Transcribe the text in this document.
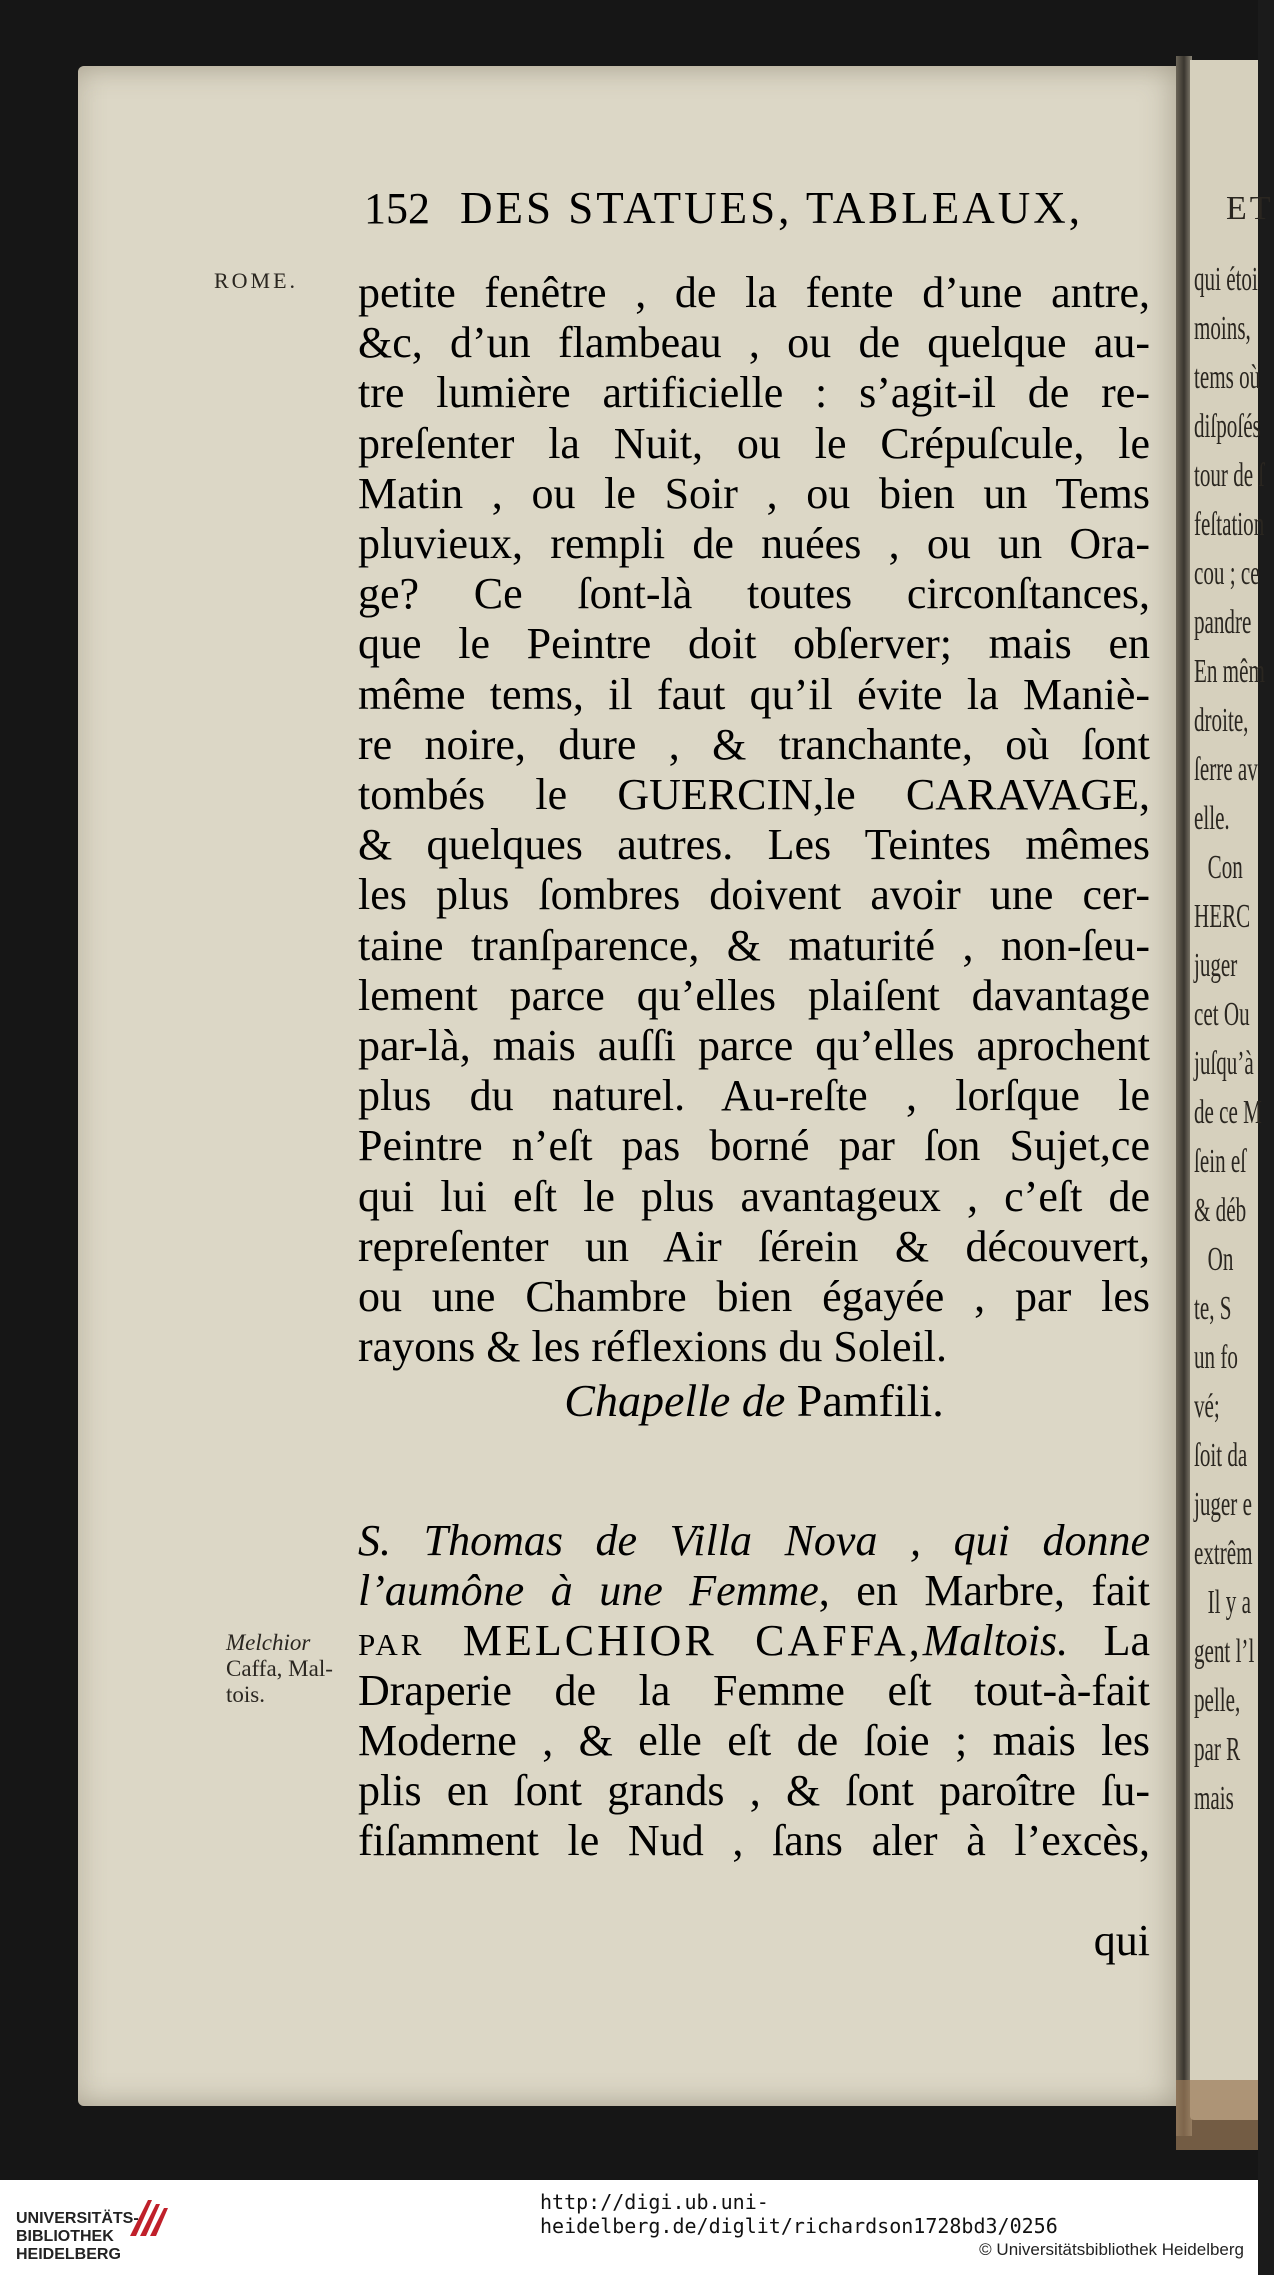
ET
qui étoi
moins,
tems où
diſpoſés
tour de ſ
feſtation
cou ; ce
pandre
En mêm
droite,
ſerre av
elle.
Con
HERC
juger
cet Ou
juſqu’à
de ce M
ſein eſ
& déb
On
te, S
un fo
vé;
ſoit da
juger e
extrêm
Il y a
gent l’l
pelle,
par R
mais
152 DES STATUES, TABLEAUX,
ROME. petite fenêtre , de la fente d’une antre,
&c, d’un flambeau , ou de quelque au-
tre lumière artificielle : s’agit-il de re-
preſenter la Nuit, ou le Crépuſcule, le
Matin , ou le Soir , ou bien un Tems
pluvieux, rempli de nuées , ou un Ora-
ge? Ce ſont-là toutes circonſtances,
que le Peintre doit obſerver; mais en
même tems, il faut qu’il évite la Maniè-
re noire, dure , & tranchante, où ſont
tombés le GUERCIN,le CARAVAGE,
& quelques autres. Les Teintes mêmes
les plus ſombres doivent avoir une cer-
taine tranſparence, & maturité , non-ſeu-
lement parce qu’elles plaiſent davantage
par-là, mais auſſi parce qu’elles aprochent
plus du naturel. Au-reſte , lorſque le
Peintre n’eſt pas borné par ſon Sujet,ce
qui lui eſt le plus avantageux , c’eſt de
repreſenter un Air ſérein & découvert,
ou une Chambre bien égayée , par les
rayons & les réflexions du Soleil.
Chapelle de Pamfili.
S. Thomas de Villa Nova , qui donne
l’aumône à une Femme, en Marbre, fait
par MELCHIOR CAFFA,Maltois. La
Draperie de la Femme eſt tout-à-fait
Moderne , & elle eſt de ſoie ; mais les
plis en ſont grands , & ſont paroître ſu-
fiſamment le Nud , ſans aler à l’excès,
qui
Melchior
Caffa, Mal-
tois.
UNIVERSITÄTS-
BIBLIOTHEK
HEIDELBERG
http://digi.ub.uni-heidelberg.de/diglit/richardson1728bd3/0256
© Universitätsbibliothek Heidelberg
